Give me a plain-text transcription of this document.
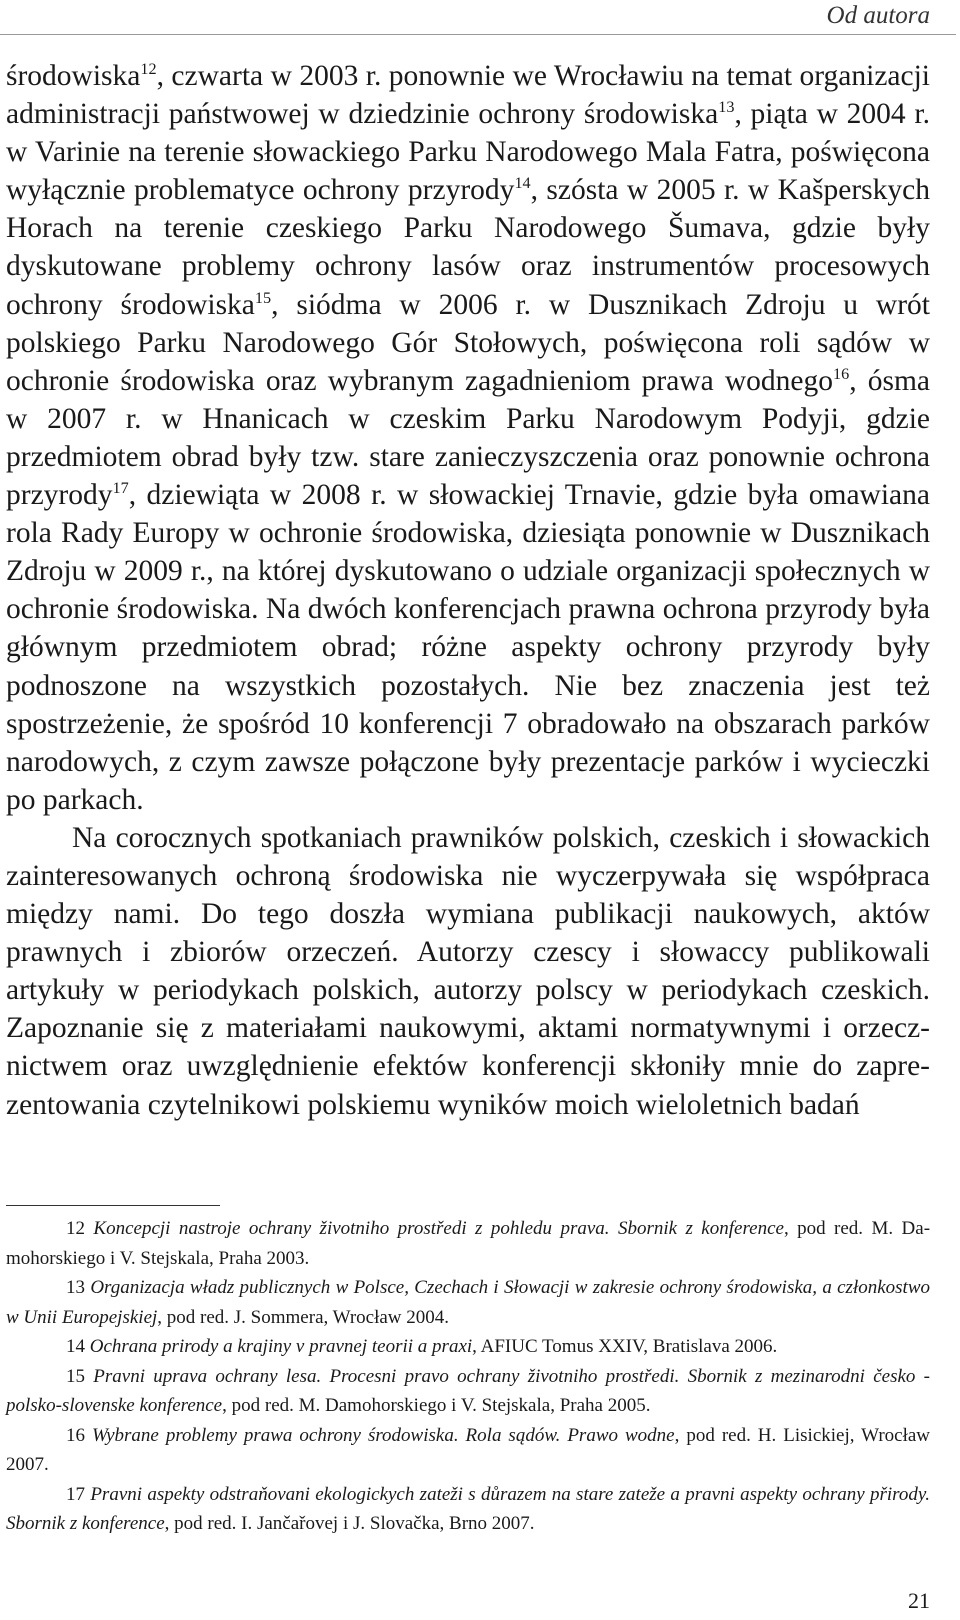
Od autora

środowiska$^{12}$, czwarta w 2003 r. ponownie we Wrocławiu na temat organizacji administracji państwowej w dziedzinie ochrony środowiska$^{13}$, piąta w 2004 r. w Varinie na terenie słowackiego Parku Narodowego Mala Fatra, poświęcona wyłącznie problematyce ochrony przyrody$^{14}$, szósta w 2005 r. w Kašperskych Horach na terenie czeskiego Parku Narodowego Šumava, gdzie były dyskutowane problemy ochrony lasów oraz instrumentów procesowych ochrony środowiska$^{15}$, siódma w 2006 r. w Dusznikach Zdroju u wrót polskiego Parku Narodowego Gór Stołowych, poświęcona roli sądów w ochronie środowiska oraz wybranym zagadnieniom prawa wodnego$^{16}$, ósma w 2007 r. w Hnanicach w czeskim Parku Narodowym Podyji, gdzie przedmiotem obrad były tzw. stare zanieczyszczenia oraz ponownie ochrona przyrody$^{17}$, dziewiąta w 2008 r. w słowackiej Trnavie, gdzie była omawiana rola Rady Europy w ochronie środowiska, dziesiąta ponownie w Dusznikach Zdroju w 2009 r., na której dyskutowano o udziale organizacji społecznych w ochronie środowiska. Na dwóch konferencjach prawna ochrona przyrody była głównym przedmiotem obrad; różne aspekty ochrony przyrody były podnoszone na wszystkich pozostałych. Nie bez znaczenia jest też spostrzeżenie, że spośród 10 konferencji 7 obradowało na obszarach parków narodowych, z czym zawsze połączone były prezentacje parków i wycieczki po parkach.

Na corocznych spotkaniach prawników polskich, czeskich i słowackich zainteresowanych ochroną środowiska nie wyczerpywała się współpraca między nami. Do tego doszła wymiana publikacji naukowych, aktów prawnych i zbiorów orzeczeń. Autorzy czescy i słowaccy publikowali artykuły w periodykach polskich, autorzy polscy w periodykach czeskich. Zapoznanie się z materiałami naukowymi, aktami normatywnymi i orzecznictwem oraz uwzględnienie efektów konferencji skłoniły mnie do zaprezentowania czytelnikowi polskiemu wyników moich wieloletnich badań

12 Koncepcji nastroje ochrany životniho prostředi z pohledu prava. Sbornik z konference, pod red. M. Damohorskiego i V. Stejskala, Praha 2003.

13 Organizacja władz publicznych w Polsce, Czechach i Słowacji w zakresie ochrony środowiska, a członkostwo w Unii Europejskiej, pod red. J. Sommera, Wrocław 2004.

14 Ochrana prirody a krajiny v pravnej teorii a praxi, AFIUC Tomus XXIV, Bratislava 2006.

15 Pravni uprava ochrany lesa. Procesni pravo ochrany životniho prostředi. Sbornik z mezinarodni česko -polsko-slovenske konference, pod red. M. Damohorskiego i V. Stejskala, Praha 2005.

16 Wybrane problemy prawa ochrony środowiska. Rola sądów. Prawo wodne, pod red. H. Lisickiej, Wrocław 2007.

17 Pravni aspekty odstraňovani ekologickych zateži s důrazem na stare zateže a pravni aspekty ochrany přirody. Sbornik z konference, pod red. I. Jančařovej i J. Slovačka, Brno 2007.

21
